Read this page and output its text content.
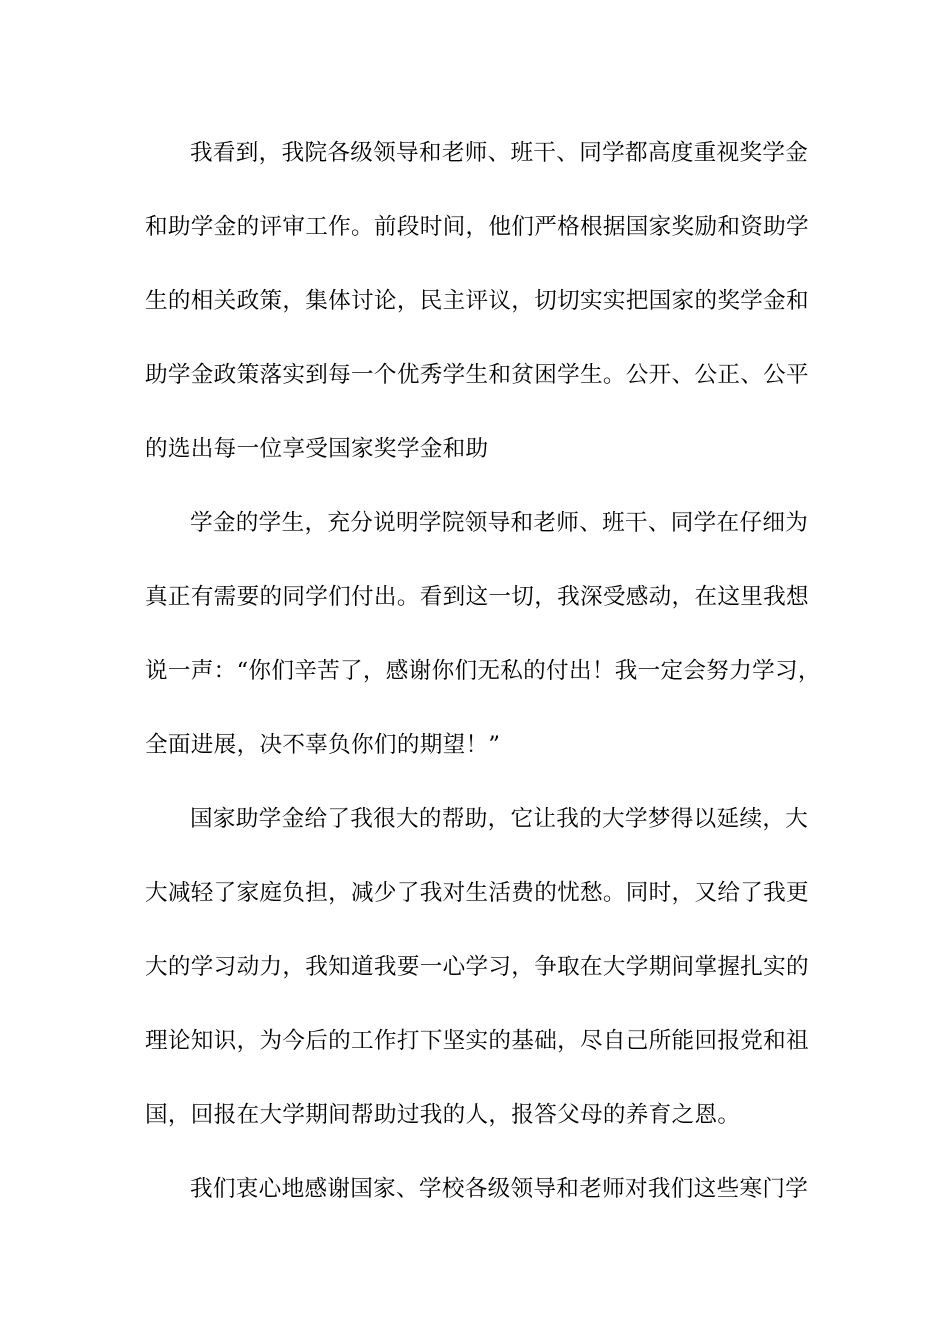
我看到，我院各级领导和老师、班干、同学都高度重视奖学金
和助学金的评审工作。前段时间，他们严格根据国家奖励和资助学
生的相关政策，集体讨论，民主评议，切切实实把国家的奖学金和
助学金政策落实到每一个优秀学生和贫困学生。公开、公正、公平
的选出每一位享受国家奖学金和助
学金的学生，充分说明学院领导和老师、班干、同学在仔细为
真正有需要的同学们付出。看到这一切，我深受感动，在这里我想
说一声：“你们辛苦了，感谢你们无私的付出！我一定会努力学习，
全面进展，决不辜负你们的期望！”
国家助学金给了我很大的帮助，它让我的大学梦得以延续，大
大减轻了家庭负担，减少了我对生活费的忧愁。同时，又给了我更
大的学习动力，我知道我要一心学习，争取在大学期间掌握扎实的
理论知识，为今后的工作打下坚实的基础，尽自己所能回报党和祖
国，回报在大学期间帮助过我的人，报答父母的养育之恩。
我们衷心地感谢国家、学校各级领导和老师对我们这些寒门学
